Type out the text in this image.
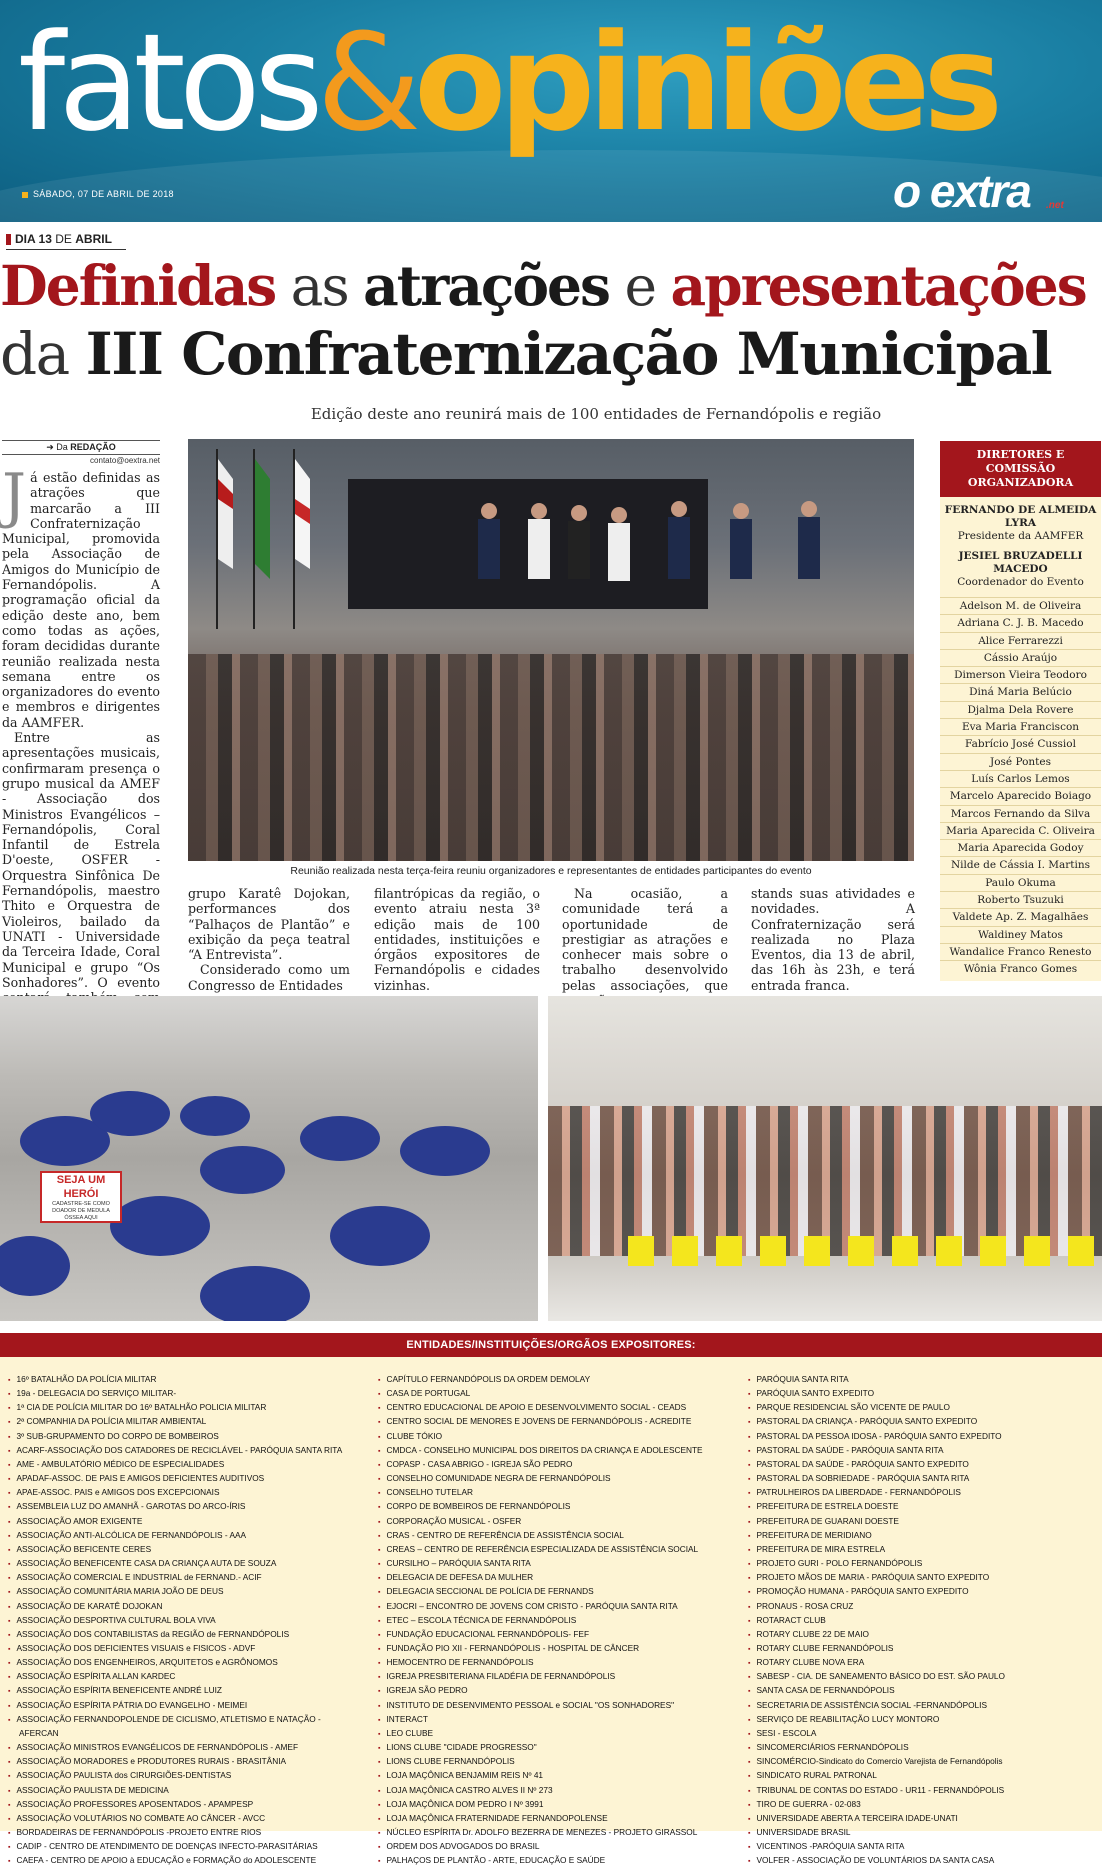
fatos&opiniões
SÁBADO, 07 DE ABRIL DE 2018	o extra .net
DIA 13 DE ABRIL
Definidas as atrações e apresentações
da III Confraternização Municipal
Edição deste ano reunirá mais de 100 entidades de Fernandópolis e região
➜ Da REDAÇÃO
contato@oextra.net
J á estão definidas as atrações que marcarão a III Confraternização Municipal, promovida pela Associação de Amigos do Município de Fernandópolis. A programação oficial da edição deste ano, bem como todas as ações, foram decididas durante reunião realizada nesta semana entre os organizadores do evento e membros e dirigentes da AAMFER.

Entre as apresentações musicais, confirmaram presença o grupo musical da AMEF - Associação dos Ministros Evangélicos – Fernandópolis, Coral Infantil de Estrela D'oeste, OSFER - Orquestra Sinfônica De Fernandópolis, maestro Thito e Orquestra de Violeiros, bailado da UNATI - Universidade da Terceira Idade, Coral Municipal e grupo “Os Sonhadores”. O evento

Reunião realizada nesta terça-feira reuniu organizadores e representantes de entidades participantes do evento

grupo Karatê Dojokan, performances dos “Palhaços de Plantão” e exibição da peça teatral “A Entrevista”.

Considerado como um Congresso de Entidades

filantrópicas da região, o evento atraiu nesta 3ª edição mais de 100 entidades, instituições e órgãos expositores de Fernandópolis e cidades vizinhas.

Na ocasião, a comunidade terá a oportunidade de prestigiar as atrações e conhecer mais sobre o trabalho desenvolvido pelas associações, que

stands suas atividades e novidades. A Confraternização será realizada no Plaza Eventos, dia 13 de abril, das 16h às 23h, e terá entrada franca.

DIRETORES E COMISSÃO ORGANIZADORA
FERNANDO DE ALMEIDA LYRA
Presidente da AAMFER
JESIEL BRUZADELLI MACEDO
Coordenador do Evento
Adelson M. de Oliveira
Adriana C. J. B. Macedo
Alice Ferrarezzi
Cássio Araújo
Dimerson Vieira Teodoro
Diná Maria Belúcio
Djalma Dela Rovere
Eva Maria Franciscon
Fabrício José Cussiol
José Pontes
Luís Carlos Lemos
Marcelo Aparecido Boiago
Marcos Fernando da Silva
Maria Aparecida C. Oliveira
Maria Aparecida Godoy
Nilde de Cássia I. Martins
Paulo Okuma
Roberto Tsuzuki
Valdete Ap. Z. Magalhães
Waldiney Matos
Wandalice Franco Renesto
Wônia Franco Gomes
SEJA UM HERÓI
CADASTRE-SE COMO DOADOR DE MEDULA ÓSSEA AQUI
ENTIDADES/INSTITUIÇÕES/ORGÃOS EXPOSITORES:
▪ 16º BATALHÃO DA POLÍCIA MILITAR
▪ 19a - DELEGACIA DO SERVIÇO MILITAR-
▪ 1ª CIA DE POLÍCIA MILITAR DO 16º BATALHÃO POLICIA MILITAR
▪ 2ª COMPANHIA DA POLÍCIA MILITAR AMBIENTAL
▪ 3º SUB-GRUPAMENTO DO CORPO DE BOMBEIROS
▪ ACARF-ASSOCIAÇÃO DOS CATADORES DE RECICLÁVEL - PARÓQUIA SANTA RITA
▪ AME - AMBULATÓRIO MÉDICO DE ESPECIALIDADES
▪ APADAF-ASSOC. DE PAIS E AMIGOS DEFICIENTES AUDITIVOS
▪ APAE-ASSOC. PAIS e AMIGOS DOS EXCEPCIONAIS
▪ ASSEMBLEIA LUZ DO AMANHÃ - GAROTAS DO ARCO-ÍRIS
▪ ASSOCIAÇÃO AMOR EXIGENTE
▪ ASSOCIAÇÃO ANTI-ALCÓLICA DE FERNANDÓPOLIS - AAA
▪ ASSOCIAÇÃO BEFICENTE CERES
▪ ASSOCIAÇÃO BENEFICENTE CASA DA CRIANÇA AUTA DE SOUZA
▪ ASSOCIAÇÃO COMERCIAL E INDUSTRIAL de FERNAND.- ACIF
▪ ASSOCIAÇÃO COMUNITÁRIA MARIA JOÃO DE DEUS
▪ ASSOCIAÇÃO DE KARATÊ DOJOKAN
▪ ASSOCIAÇÃO DESPORTIVA CULTURAL BOLA VIVA
▪ ASSOCIAÇÃO DOS CONTABILISTAS da REGIÃO de FERNANDÓPOLIS
▪ ASSOCIAÇÃO DOS DEFICIENTES VISUAIS e FISICOS - ADVF
▪ ASSOCIAÇÃO DOS ENGENHEIROS, ARQUITETOS e AGRÔNOMOS
▪ ASSOCIAÇÃO ESPÍRITA ALLAN KARDEC
▪ ASSOCIAÇÃO ESPÍRITA BENEFICENTE ANDRÉ LUIZ
▪ ASSOCIAÇÃO ESPÍRITA PÁTRIA DO EVANGELHO - MEIMEI
▪ ASSOCIAÇÃO FERNANDOPOLENDE DE CICLISMO, ATLETISMO E NATAÇÃO -
AFERCAN
▪ ASSOCIAÇÃO MINISTROS EVANGÉLICOS DE FERNANDÓPOLIS - AMEF
▪ ASSOCIAÇÃO MORADORES e PRODUTORES RURAIS - BRASITÂNIA
▪ ASSOCIAÇÃO PAULISTA dos CIRURGIÕES-DENTISTAS
▪ ASSOCIAÇÃO PAULISTA DE MEDICINA
▪ ASSOCIAÇÃO PROFESSORES APOSENTADOS - APAMPESP
▪ ASSOCIAÇÃO VOLUTÁRIOS NO COMBATE AO CÂNCER - AVCC
▪ BORDADEIRAS DE FERNANDÓPOLIS -PROJETO ENTRE RIOS
▪ CADIP - CENTRO DE ATENDIMENTO DE DOENÇAS INFECTO-PARASITÁRIAS
▪ CAEFA - CENTRO DE APOIO à EDUCAÇÃO e FORMAÇÃO do ADOLESCENTE
▪ CAPÍTULO FERNANDÓPOLIS DA ORDEM DEMOLAY
▪ CASA DE PORTUGAL
▪ CENTRO EDUCACIONAL DE APOIO E DESENVOLVIMENTO SOCIAL - CEADS
▪ CENTRO SOCIAL DE MENORES E JOVENS DE FERNANDÓPOLIS - ACREDITE
▪ CLUBE TÓKIO
▪ CMDCA - CONSELHO MUNICIPAL DOS DIREITOS DA CRIANÇA E ADOLESCENTE
▪ COPASP - CASA ABRIGO - IGREJA SÃO PEDRO
▪ CONSELHO COMUNIDADE NEGRA DE FERNANDÓPOLIS
▪ CONSELHO TUTELAR
▪ CORPO DE BOMBEIROS DE FERNANDÓPOLIS
▪ CORPORAÇÃO MUSICAL - OSFER
▪ CRAS - CENTRO DE REFERÊNCIA DE ASSISTÊNCIA SOCIAL
▪ CREAS – CENTRO DE REFERÊNCIA ESPECIALIZADA DE ASSISTÊNCIA SOCIAL
▪ CURSILHO – PARÓQUIA SANTA RITA
▪ DELEGACIA DE DEFESA DA MULHER
▪ DELEGACIA SECCIONAL DE POLÍCIA DE FERNANDS
▪ EJOCRI – ENCONTRO DE JOVENS COM CRISTO - PARÓQUIA SANTA RITA
▪ ETEC – ESCOLA TÉCNICA DE FERNANDÓPOLIS
▪ FUNDAÇÃO EDUCACIONAL FERNANDÓPOLIS- FEF
▪ FUNDAÇÃO PIO XII - FERNANDÓPOLIS - HOSPITAL DE CÂNCER
▪ HEMOCENTRO DE FERNANDÓPOLIS
▪ IGREJA PRESBITERIANA FILADÉFIA DE FERNANDÓPOLIS
▪ IGREJA SÃO PEDRO
▪ INSTITUTO DE DESENVIMENTO PESSOAL e SOCIAL "OS SONHADORES"
▪ INTERACT
▪ LEO CLUBE
▪ LIONS CLUBE "CIDADE PROGRESSO"
▪ LIONS CLUBE FERNANDÓPOLIS
▪ LOJA MAÇÔNICA BENJAMIM REIS Nº 41
▪ LOJA MAÇÔNICA CASTRO ALVES II Nº 273
▪ LOJA MAÇÔNICA DOM PEDRO I Nº 3991
▪ LOJA MAÇÔNICA FRATERNIDADE FERNANDOPOLENSE
▪ NÚCLEO ESPÍRITA Dr. ADOLFO BEZERRA DE MENEZES - PROJETO GIRASSOL
▪ ORDEM DOS ADVOGADOS DO BRASIL
▪ PALHAÇOS DE PLANTÃO - ARTE, EDUCAÇÃO E SAÚDE
▪ PARÓQUIA SANTA RITA
▪ PARÓQUIA SANTO EXPEDITO
▪ PARQUE RESIDENCIAL SÃO VICENTE DE PAULO
▪ PASTORAL DA CRIANÇA - PARÓQUIA SANTO EXPEDITO
▪ PASTORAL DA PESSOA IDOSA - PARÓQUIA SANTO EXPEDITO
▪ PASTORAL DA SAÚDE - PARÓQUIA SANTA RITA
▪ PASTORAL DA SAÚDE - PARÓQUIA SANTO EXPEDITO
▪ PASTORAL DA SOBRIEDADE - PARÓQUIA SANTA RITA
▪ PATRULHEIROS DA LIBERDADE - FERNANDÓPOLIS
▪ PREFEITURA DE ESTRELA DOESTE
▪ PREFEITURA DE GUARANI DOESTE
▪ PREFEITURA DE MERIDIANO
▪ PREFEITURA DE MIRA ESTRELA
▪ PROJETO GURI - POLO FERNANDÓPOLIS
▪ PROJETO MÃOS DE MARIA - PARÓQUIA SANTO EXPEDITO
▪ PROMOÇÃO HUMANA - PARÓQUIA SANTO EXPEDITO
▪ PRONAUS - ROSA CRUZ
▪ ROTARACT CLUB
▪ ROTARY CLUBE 22 DE MAIO
▪ ROTARY CLUBE FERNANDÓPOLIS
▪ ROTARY CLUBE NOVA ERA
▪ SABESP - CIA. DE SANEAMENTO BÁSICO DO EST. SÃO PAULO
▪ SANTA CASA DE FERNANDÓPOLIS
▪ SECRETARIA DE ASSISTÊNCIA SOCIAL -FERNANDÓPOLIS
▪ SERVIÇO DE REABILITAÇÃO LUCY MONTORO
▪ SESI - ESCOLA
▪ SINCOMERCIÁRIOS FERNANDÓPOLIS
▪ SINCOMÉRCIO-Sindicato do Comercio Varejista de Fernandópolis
▪ SINDICATO RURAL PATRONAL
▪ TRIBUNAL DE CONTAS DO ESTADO - UR11 - FERNANDÓPOLIS
▪ TIRO DE GUERRA - 02-083
▪ UNIVERSIDADE ABERTA A TERCEIRA IDADE-UNATI
▪ UNIVERSIDADE BRASIL
▪ VICENTINOS -PARÓQUIA SANTA RITA
▪ VOLFER - ASSOCIAÇÃO DE VOLUNTÁRIOS DA SANTA CASA
